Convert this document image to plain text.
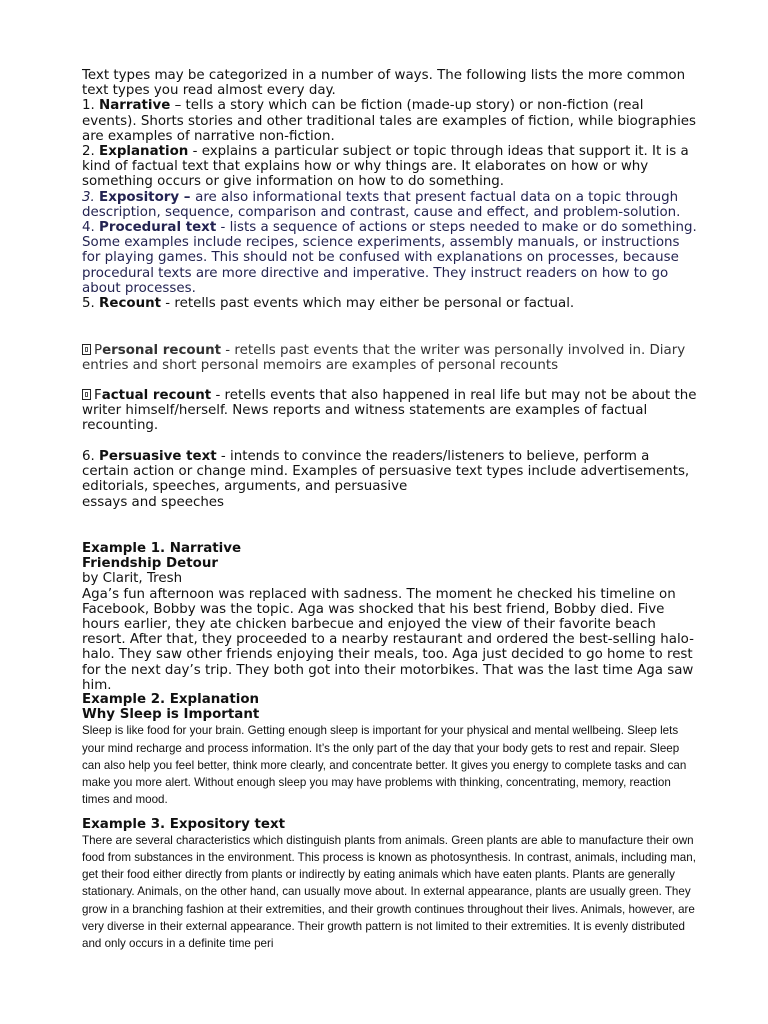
Text types may be categorized in a number of ways. The following lists the more common text types you read almost every day.

1. Narrative – tells a story which can be fiction (made-up story) or non-fiction (real events). Shorts stories and other traditional tales are examples of fiction, while biographies are examples of narrative non-fiction.

2. Explanation - explains a particular subject or topic through ideas that support it. It is a kind of factual text that explains how or why things are. It elaborates on how or why something occurs or give information on how to do something.

3. Expository – are also informational texts that present factual data on a topic through description, sequence, comparison and contrast, cause and effect, and problem-solution.

4. Procedural text - lists a sequence of actions or steps needed to make or do something. Some examples include recipes, science experiments, assembly manuals, or instructions for playing games. This should not be confused with explanations on processes, because procedural texts are more directive and imperative. They instruct readers on how to go about processes.

5. Recount - retells past events which may either be personal or factual.

Personal recount - retells past events that the writer was personally involved in. Diary entries and short personal memoirs are examples of personal recounts

Factual recount - retells events that also happened in real life but may not be about the writer himself/herself. News reports and witness statements are examples of factual recounting.

6. Persuasive text - intends to convince the readers/listeners to believe, perform a certain action or change mind. Examples of persuasive text types include advertisements, editorials, speeches, arguments, and persuasive

essays and speeches

Example 1. Narrative

Friendship Detour

by Clarit, Tresh

Aga’s fun afternoon was replaced with sadness. The moment he checked his timeline on Facebook, Bobby was the topic. Aga was shocked that his best friend, Bobby died. Five hours earlier, they ate chicken barbecue and enjoyed the view of their favorite beach resort. After that, they proceeded to a nearby restaurant and ordered the best-selling halo-halo. They saw other friends enjoying their meals, too. Aga just decided to go home to rest for the next day’s trip. They both got into their motorbikes. That was the last time Aga saw him.

Example 2. Explanation

Why Sleep is Important

Sleep is like food for your brain. Getting enough sleep is important for your physical and mental wellbeing. Sleep lets your mind recharge and process information. It’s the only part of the day that your body gets to rest and repair. Sleep can also help you feel better, think more clearly, and concentrate better. It gives you energy to complete tasks and can make you more alert. Without enough sleep you may have problems with thinking, concentrating, memory, reaction times and mood.

Example 3. Expository text

There are several characteristics which distinguish plants from animals. Green plants are able to manufacture their own food from substances in the environment. This process is known as photosynthesis. In contrast, animals, including man, get their food either directly from plants or indirectly by eating animals which have eaten plants. Plants are generally stationary. Animals, on the other hand, can usually move about. In external appearance, plants are usually green. They grow in a branching fashion at their extremities, and their growth continues throughout their lives. Animals, however, are very diverse in their external appearance. Their growth pattern is not limited to their extremities. It is evenly distributed and only occurs in a definite time peri
